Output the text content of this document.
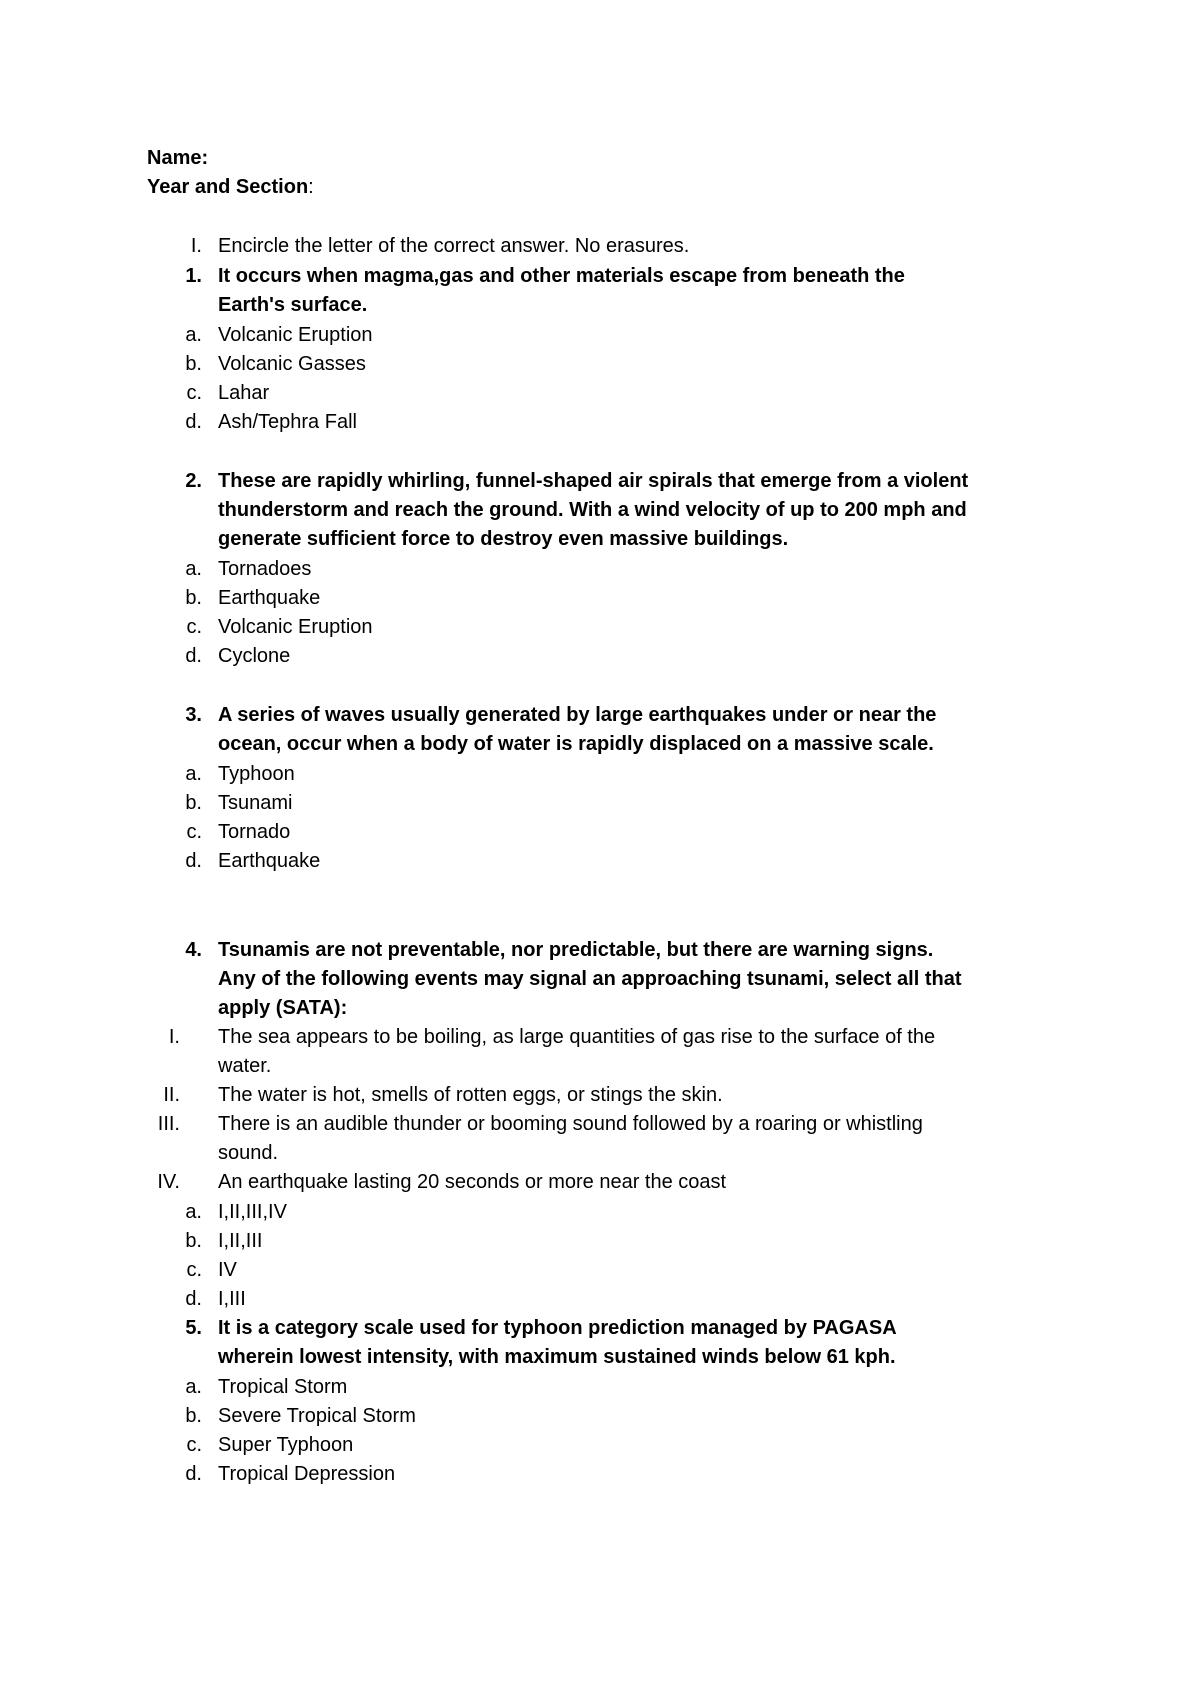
Name:
Year and Section:
I. Encircle the letter of the correct answer. No erasures.
1. It occurs when magma,gas and other materials escape from beneath the
Earth's surface.
a. Volcanic Eruption
b. Volcanic Gasses
c. Lahar
d. Ash/Tephra Fall
2. These are rapidly whirling, funnel-shaped air spirals that emerge from a violent
thunderstorm and reach the ground. With a wind velocity of up to 200 mph and
generate sufficient force to destroy even massive buildings.
a. Tornadoes
b. Earthquake
c. Volcanic Eruption
d. Cyclone
3. A series of waves usually generated by large earthquakes under or near the
ocean, occur when a body of water is rapidly displaced on a massive scale.
a. Typhoon
b. Tsunami
c. Tornado
d. Earthquake
4. Tsunamis are not preventable, nor predictable, but there are warning signs.
Any of the following events may signal an approaching tsunami, select all that
apply (SATA):
I. The sea appears to be boiling, as large quantities of gas rise to the surface of the
water.
II. The water is hot, smells of rotten eggs, or stings the skin.
III. There is an audible thunder or booming sound followed by a roaring or whistling
sound.
IV. An earthquake lasting 20 seconds or more near the coast
a. I,II,III,IV
b. I,II,III
c. IV
d. I,III
5. It is a category scale used for typhoon prediction managed by PAGASA
wherein lowest intensity, with maximum sustained winds below 61 kph.
a. Tropical Storm
b. Severe Tropical Storm
c. Super Typhoon
d. Tropical Depression
